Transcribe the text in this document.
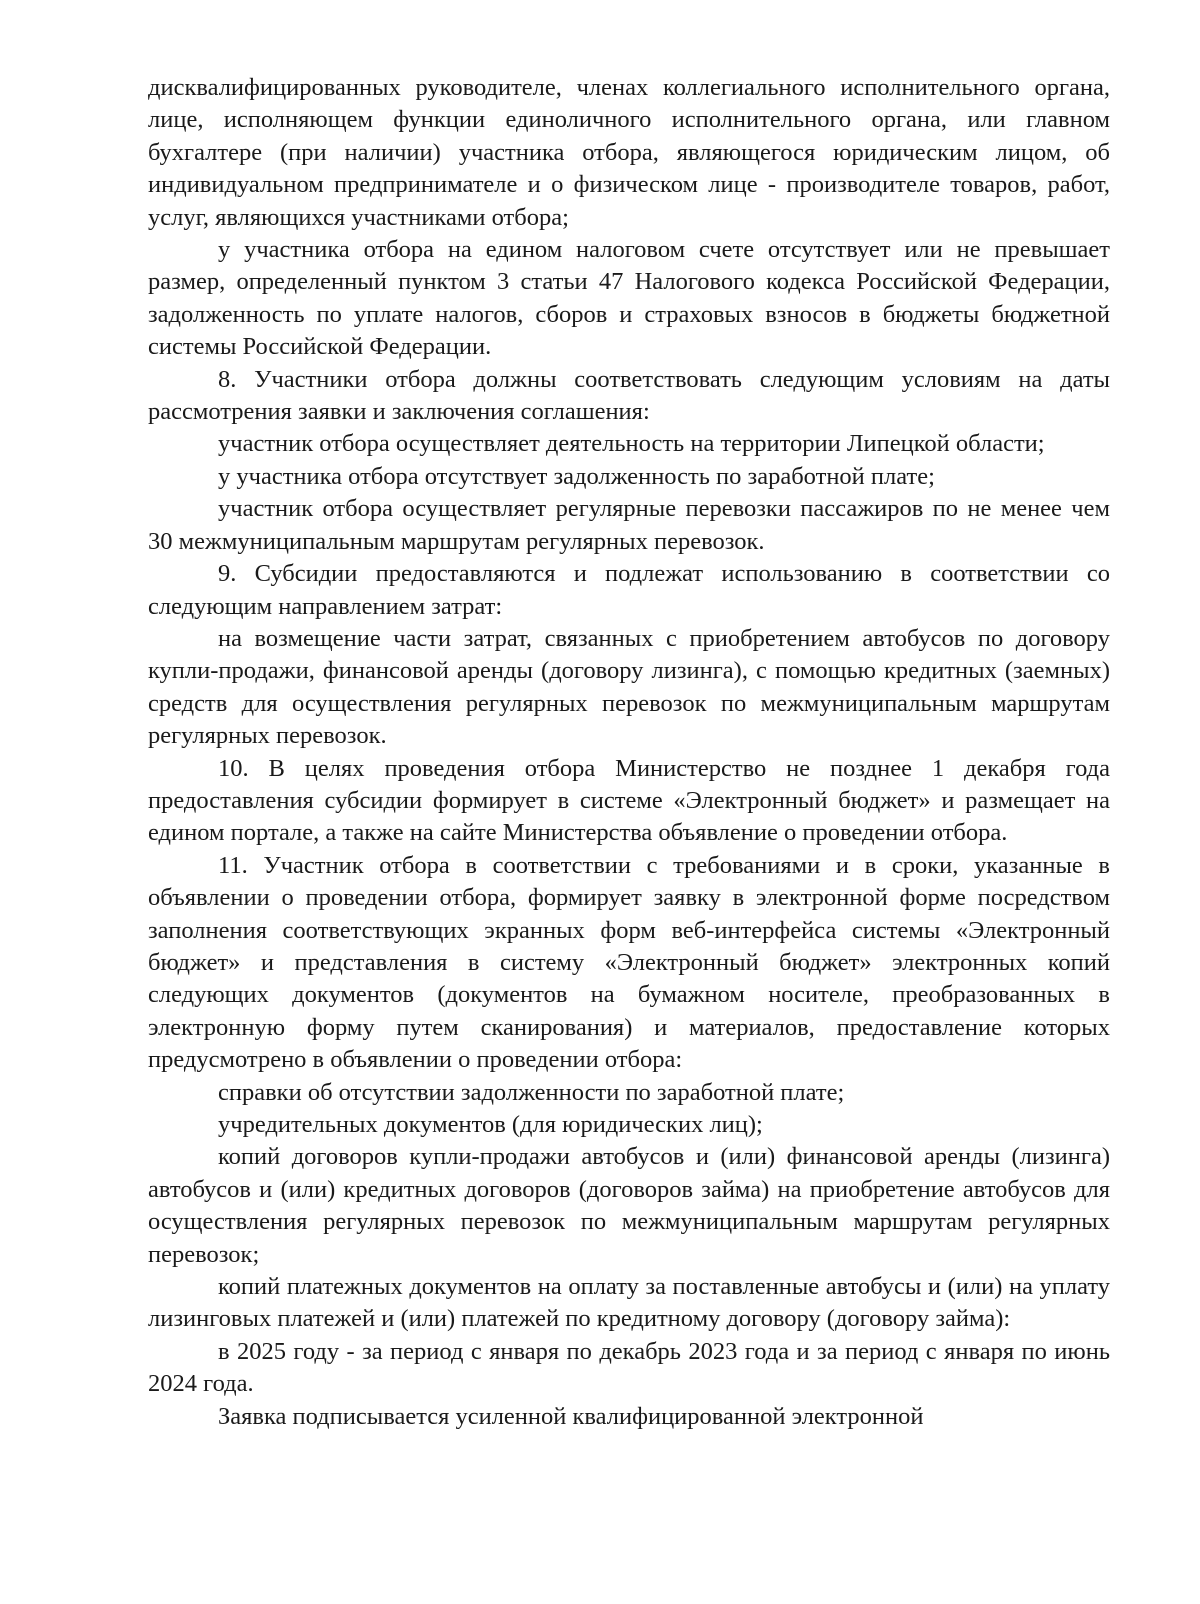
дисквалифицированных руководителе, членах коллегиального исполнительного органа, лице, исполняющем функции единоличного исполнительного органа, или главном бухгалтере (при наличии) участника отбора, являющегося юридическим лицом, об индивидуальном предпринимателе и о физическом лице - производителе товаров, работ, услуг, являющихся участниками отбора;

у участника отбора на едином налоговом счете отсутствует или не превышает размер, определенный пунктом 3 статьи 47 Налогового кодекса Российской Федерации, задолженность по уплате налогов, сборов и страховых взносов в бюджеты бюджетной системы Российской Федерации.

8. Участники отбора должны соответствовать следующим условиям на даты рассмотрения заявки и заключения соглашения:

участник отбора осуществляет деятельность на территории Липецкой области;

у участника отбора отсутствует задолженность по заработной плате;

участник отбора осуществляет регулярные перевозки пассажиров по не менее чем 30 межмуниципальным маршрутам регулярных перевозок.

9. Субсидии предоставляются и подлежат использованию в соответствии со следующим направлением затрат:

на возмещение части затрат, связанных с приобретением автобусов по договору купли-продажи, финансовой аренды (договору лизинга), с помощью кредитных (заемных) средств для осуществления регулярных перевозок по межмуниципальным маршрутам регулярных перевозок.

10. В целях проведения отбора Министерство не позднее 1 декабря года предоставления субсидии формирует в системе «Электронный бюджет» и размещает на едином портале, а также на сайте Министерства объявление о проведении отбора.

11. Участник отбора в соответствии с требованиями и в сроки, указанные в объявлении о проведении отбора, формирует заявку в электронной форме посредством заполнения соответствующих экранных форм веб-интерфейса системы «Электронный бюджет» и представления в систему «Электронный бюджет» электронных копий следующих документов (документов на бумажном носителе, преобразованных в электронную форму путем сканирования) и материалов, предоставление которых предусмотрено в объявлении о проведении отбора:

справки об отсутствии задолженности по заработной плате;

учредительных документов (для юридических лиц);

копий договоров купли-продажи автобусов и (или) финансовой аренды (лизинга) автобусов и (или) кредитных договоров (договоров займа) на приобретение автобусов для осуществления регулярных перевозок по межмуниципальным маршрутам регулярных перевозок;

копий платежных документов на оплату за поставленные автобусы и (или) на уплату лизинговых платежей и (или) платежей по кредитному договору (договору займа):

в 2025 году - за период с января по декабрь 2023 года и за период с января по июнь 2024 года.

Заявка подписывается усиленной квалифицированной электронной
